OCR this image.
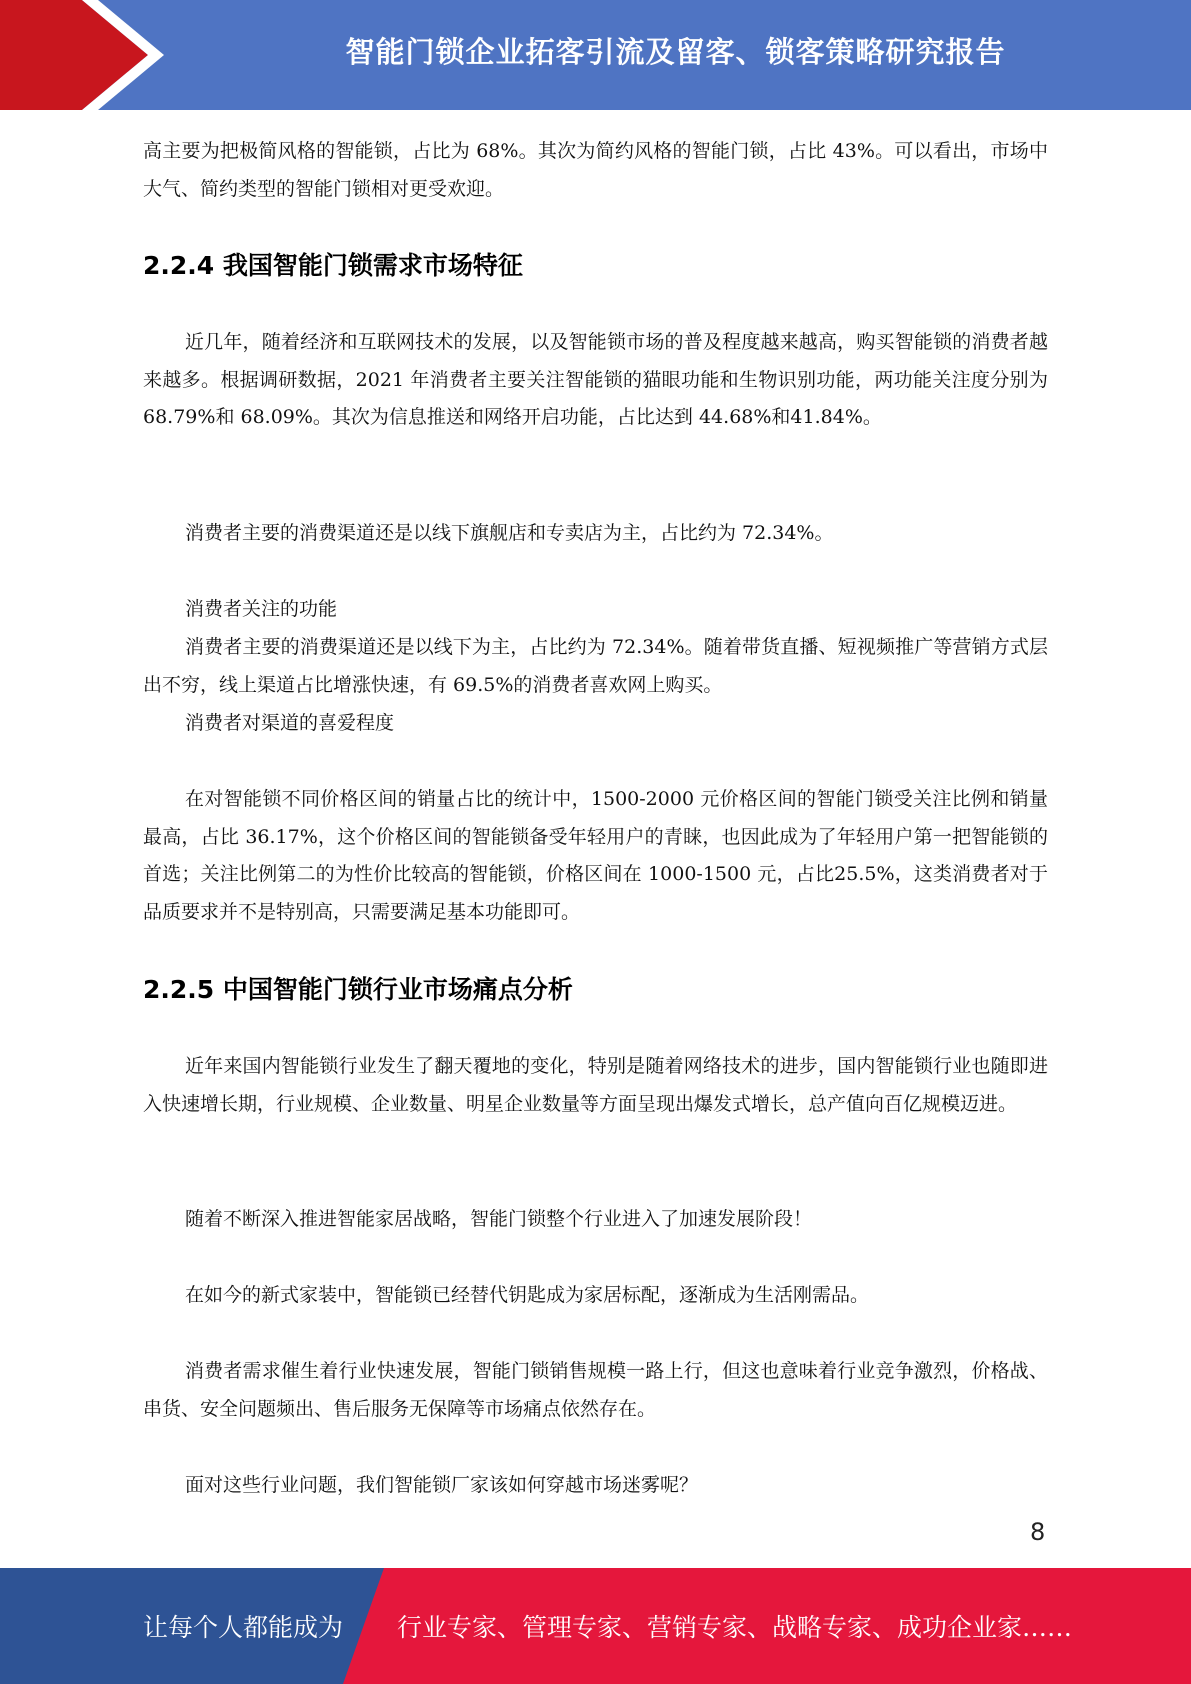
智能门锁企业拓客引流及留客、锁客策略研究报告

高主要为把极简风格的智能锁，占比为 68%。其次为简约风格的智能门锁，占比 43%。可以看出，市场中大气、简约类型的智能门锁相对更受欢迎。

2.2.4 我国智能门锁需求市场特征

近几年，随着经济和互联网技术的发展，以及智能锁市场的普及程度越来越高，购买智能锁的消费者越来越多。根据调研数据，2021 年消费者主要关注智能锁的猫眼功能和生物识别功能，两功能关注度分别为 68.79%和 68.09%。其次为信息推送和网络开启功能，占比达到 44.68%和41.84%。

消费者主要的消费渠道还是以线下旗舰店和专卖店为主，占比约为 72.34%。

消费者关注的功能

消费者主要的消费渠道还是以线下为主，占比约为 72.34%。随着带货直播、短视频推广等营销方式层出不穷，线上渠道占比增涨快速，有 69.5%的消费者喜欢网上购买。

消费者对渠道的喜爱程度

在对智能锁不同价格区间的销量占比的统计中，1500-2000 元价格区间的智能门锁受关注比例和销量最高，占比 36.17%，这个价格区间的智能锁备受年轻用户的青睐，也因此成为了年轻用户第一把智能锁的首选；关注比例第二的为性价比较高的智能锁，价格区间在 1000-1500 元，占比25.5%，这类消费者对于品质要求并不是特别高，只需要满足基本功能即可。

2.2.5 中国智能门锁行业市场痛点分析

近年来国内智能锁行业发生了翻天覆地的变化，特别是随着网络技术的进步，国内智能锁行业也随即进入快速增长期，行业规模、企业数量、明星企业数量等方面呈现出爆发式增长，总产值向百亿规模迈进。

随着不断深入推进智能家居战略，智能门锁整个行业进入了加速发展阶段！

在如今的新式家装中，智能锁已经替代钥匙成为家居标配，逐渐成为生活刚需品。

消费者需求催生着行业快速发展，智能门锁销售规模一路上行，但这也意味着行业竞争激烈，价格战、串货、安全问题频出、售后服务无保障等市场痛点依然存在。

面对这些行业问题，我们智能锁厂家该如何穿越市场迷雾呢？

8
让每个人都能成为 行业专家、管理专家、营销专家、战略专家、成功企业家……
